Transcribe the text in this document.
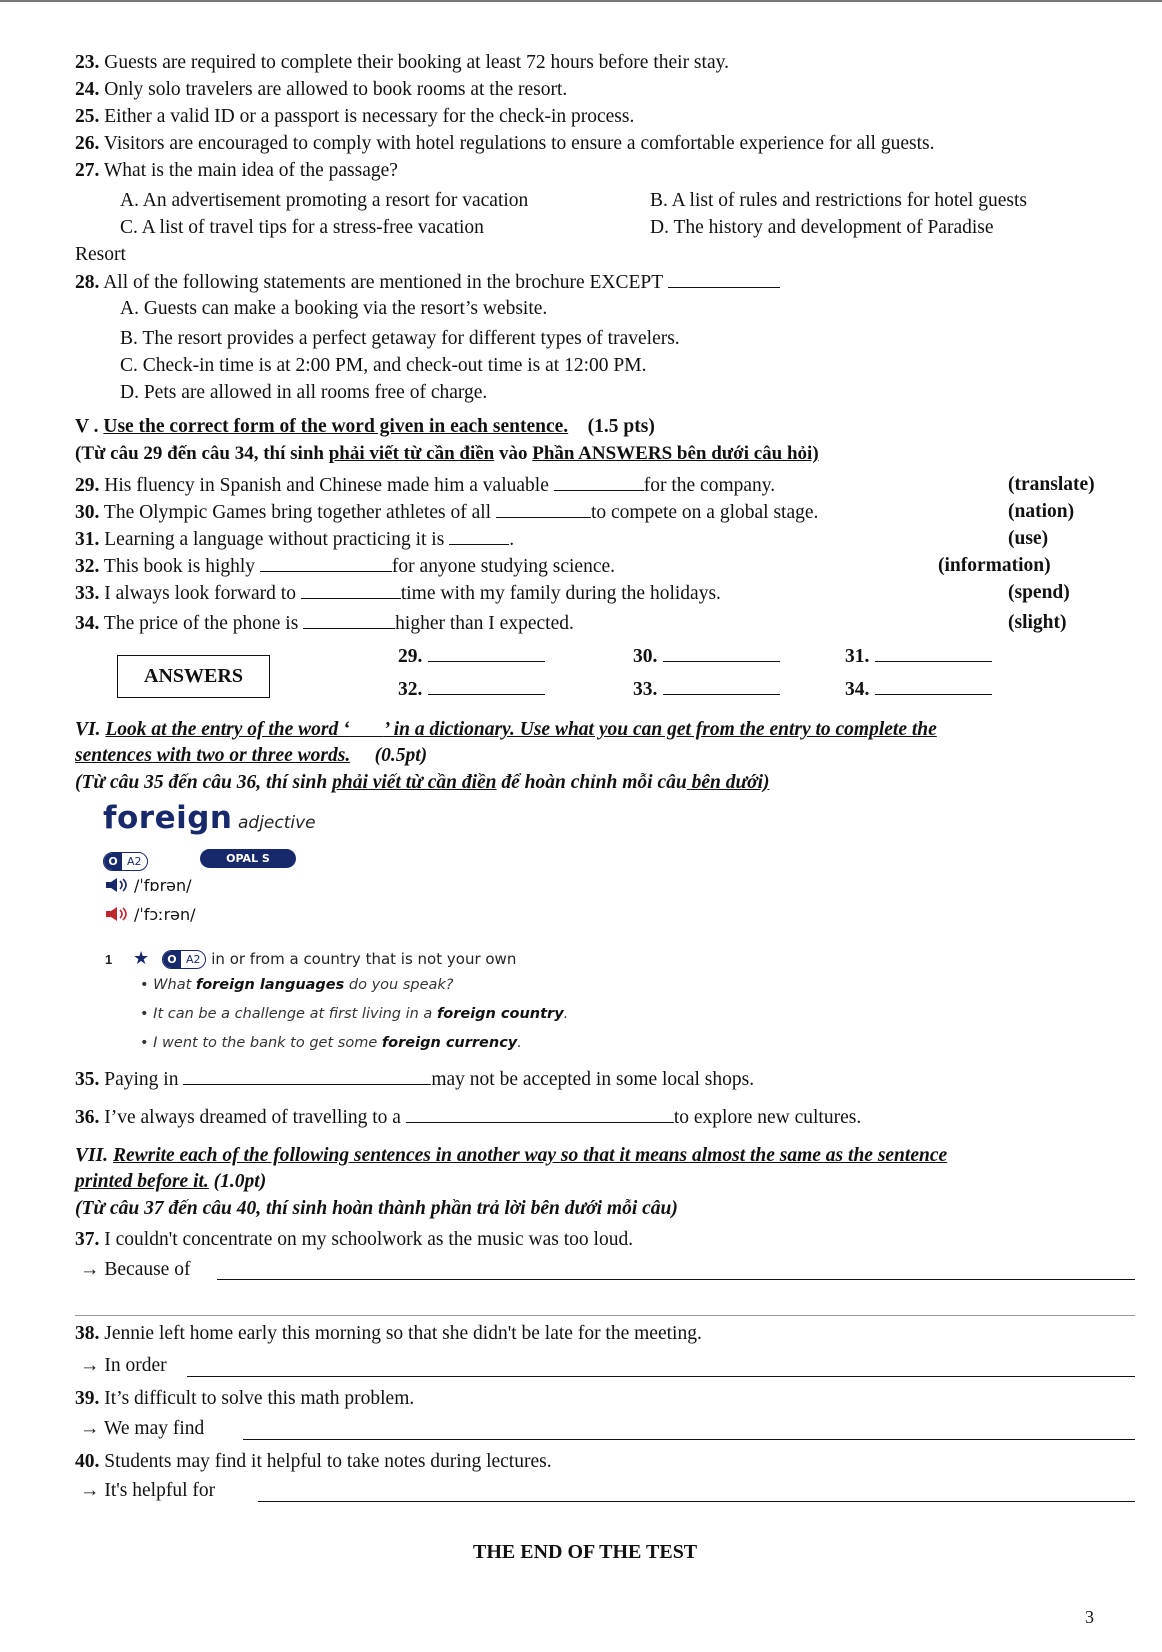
23. Guests are required to complete their booking at least 72 hours before their stay.
24. Only solo travelers are allowed to book rooms at the resort.
25. Either a valid ID or a passport is necessary for the check-in process.
26. Visitors are encouraged to comply with hotel regulations to ensure a comfortable experience for all guests.
27. What is the main idea of the passage?
A. An advertisement promoting a resort for vacation	B. A list of rules and restrictions for hotel guests
C. A list of travel tips for a stress-free vacation	D. The history and development of Paradise
Resort
28. All of the following statements are mentioned in the brochure EXCEPT
A. Guests can make a booking via the resort’s website.
B. The resort provides a perfect getaway for different types of travelers.
C. Check-in time is at 2:00 PM, and check-out time is at 12:00 PM.
D. Pets are allowed in all rooms free of charge.
V . Use the correct form of the word given in each sentence. (1.5 pts)
(Từ câu 29 đến câu 34, thí sinh phải viết từ cần điền vào Phần ANSWERS bên dưới câu hỏi)
29. His fluency in Spanish and Chinese made him a valuable	for the company.	(translate)
30. The Olympic Games bring together athletes of all	to compete on a global stage.	(nation)
31. Learning a language without practicing it is	.	(use)
32. This book is highly	for anyone studying science.	(information)
33. I always look forward to	time with my family during the holidays.	(spend)
34. The price of the phone is	higher than I expected.	(slight)
ANSWERS
29.	30.	31.
32.	33.	34.
VI. Look at the entry of the word ‘ ’ in a dictionary. Use what you can get from the entry to complete the
sentences with two or three words. (0.5pt)
(Từ câu 35 đến câu 36, thí sinh phải viết từ cần điền để hoàn chỉnh mỗi câu bên dưới)
foreign adjective
O A2	OPAL S
/ˈfɒrən/
/ˈfɔːrən/
1 ★	O A2 in or from a country that is not your own
• What foreign languages do you speak?
• It can be a challenge at first living in a foreign country.
• I went to the bank to get some foreign currency.
35. Paying in	may not be accepted in some local shops.
36. I’ve always dreamed of travelling to a	to explore new cultures.
VII. Rewrite each of the following sentences in another way so that it means almost the same as the sentence
printed before it. (1.0pt)
(Từ câu 37 đến câu 40, thí sinh hoàn thành phần trả lời bên dưới mỗi câu)
37. I couldn't concentrate on my schoolwork as the music was too loud.
→ Because of
38. Jennie left home early this morning so that she didn't be late for the meeting.
→ In order
39. It’s difficult to solve this math problem.
→ We may find
40. Students may find it helpful to take notes during lectures.
→ It's helpful for
THE END OF THE TEST
3
